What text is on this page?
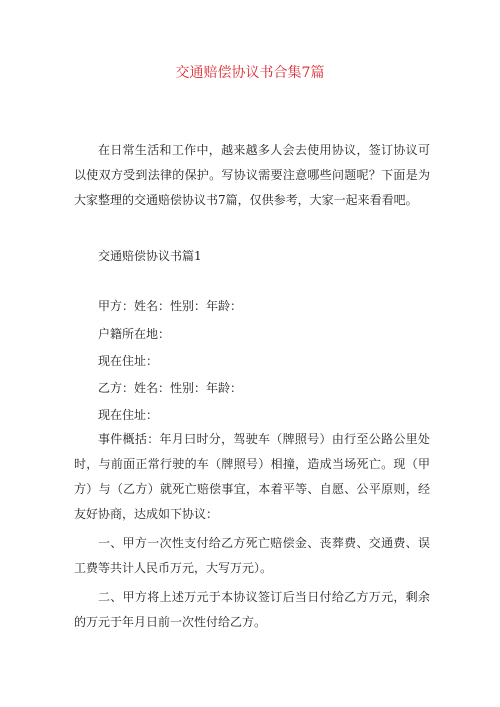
交通赔偿协议书合集7篇

在日常生活和工作中，越来越多人会去使用协议，签订协议可以使双方受到法律的保护。写协议需要注意哪些问题呢？下面是为大家整理的交通赔偿协议书7篇，仅供参考，大家一起来看看吧。

交通赔偿协议书篇1

甲方：姓名：性别：年龄：

户籍所在地：

现在住址：

乙方：姓名：性别：年龄：

现在住址：

事件概括：年月曰时分，驾驶车（牌照号）由行至公路公里处时，与前面正常行驶的车（牌照号）相撞，造成当场死亡。现（甲方）与（乙方）就死亡赔偿事宜，本着平等、自愿、公平原则，经友好协商，达成如下协议：

一、甲方一次性支付给乙方死亡赔偿金、丧葬费、交通费、误工费等共计人民币万元，大写万元）。

二、甲方将上述万元于本协议签订后当日付给乙方万元，剩余的万元于年月日前一次性付给乙方。
